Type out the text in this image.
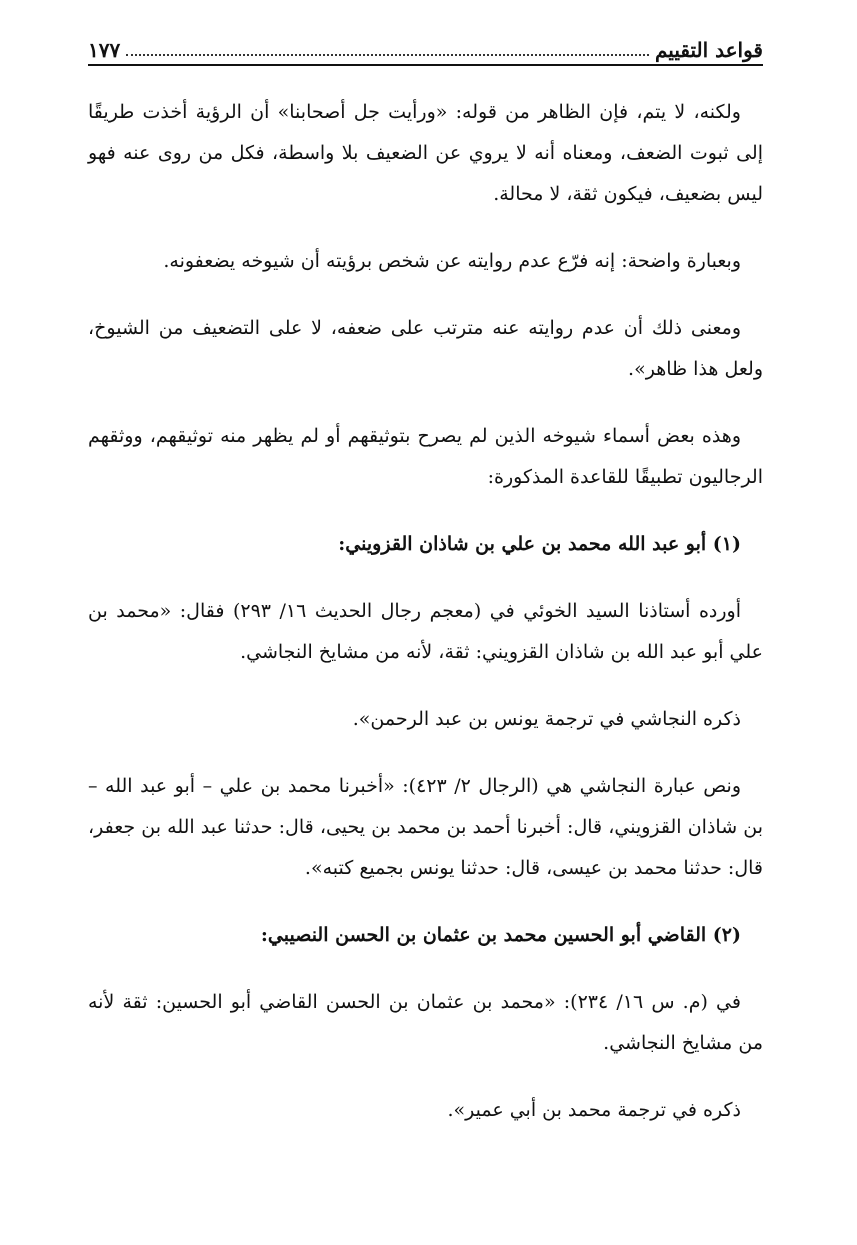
قواعد التقييم
١٧٧

ولكنه، لا يتم، فإن الظاهر من قوله: «ورأيت جل أصحابنا» أن الرؤية أخذت طريقًا إلى ثبوت الضعف، ومعناه أنه لا يروي عن الضعيف بلا واسطة، فكل من روى عنه فهو ليس بضعيف، فيكون ثقة، لا محالة.

وبعبارة واضحة: إنه فرّع عدم روايته عن شخص برؤيته أن شيوخه يضعفونه.

ومعنى ذلك أن عدم روايته عنه مترتب على ضعفه، لا على التضعيف من الشيوخ، ولعل هذا ظاهر».

وهذه بعض أسماء شيوخه الذين لم يصرح بتوثيقهم أو لم يظهر منه توثيقهم، ووثقهم الرجاليون تطبيقًا للقاعدة المذكورة:

(١) أبو عبد الله محمد بن علي بن شاذان القزويني:

أورده أستاذنا السيد الخوئي في (معجم رجال الحديث ١٦/ ٢٩٣) فقال: «محمد بن علي أبو عبد الله بن شاذان القزويني: ثقة، لأنه من مشايخ النجاشي.

ذكره النجاشي في ترجمة يونس بن عبد الرحمن».

ونص عبارة النجاشي هي (الرجال ٢/ ٤٢٣): «أخبرنا محمد بن علي – أبو عبد الله – بن شاذان القزويني، قال: أخبرنا أحمد بن محمد بن يحيى، قال: حدثنا عبد الله بن جعفر، قال: حدثنا محمد بن عيسى، قال: حدثنا يونس بجميع كتبه».

(٢) القاضي أبو الحسين محمد بن عثمان بن الحسن النصيبي:

في (م. س ١٦/ ٢٣٤): «محمد بن عثمان بن الحسن القاضي أبو الحسين: ثقة لأنه من مشايخ النجاشي.

ذكره في ترجمة محمد بن أبي عمير».
